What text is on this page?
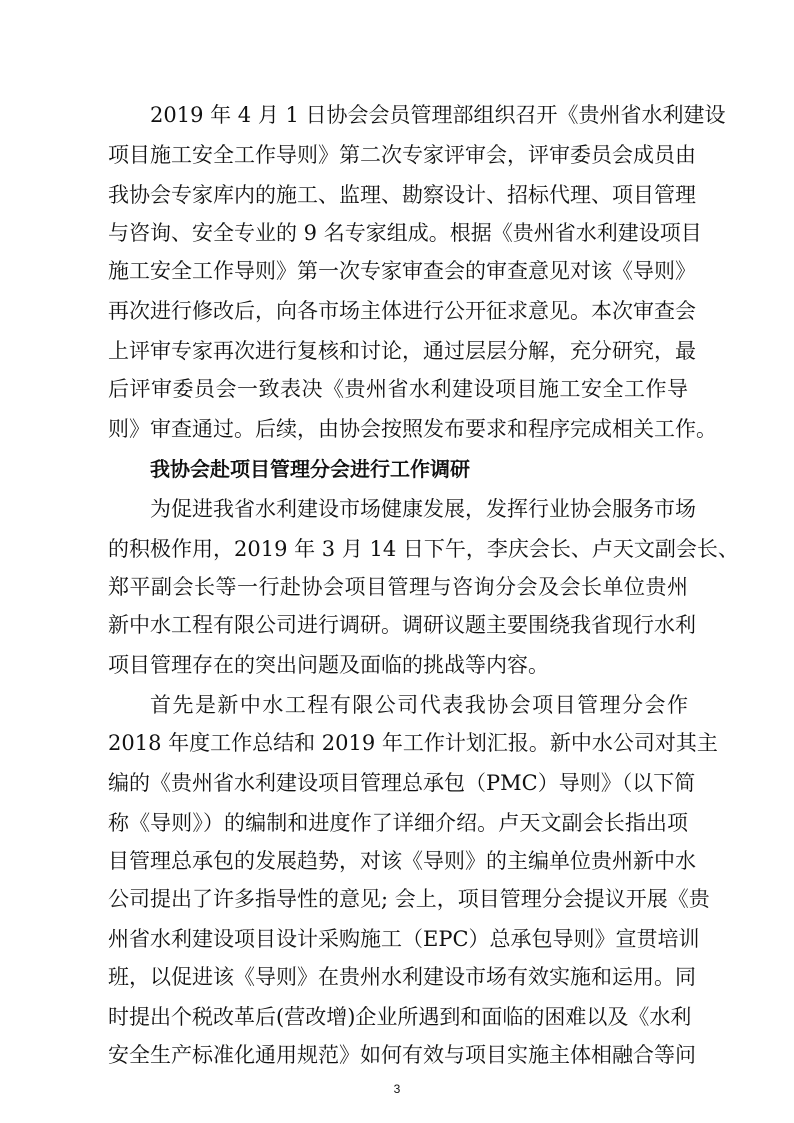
2019 年 4 月 1 日协会会员管理部组织召开《贵州省水利建设
项目施工安全工作导则》第二次专家评审会，评审委员会成员由
我协会专家库内的施工、监理、勘察设计、招标代理、项目管理
与咨询、安全专业的 9 名专家组成。根据《贵州省水利建设项目
施工安全工作导则》第一次专家审查会的审查意见对该《导则》
再次进行修改后，向各市场主体进行公开征求意见。本次审查会
上评审专家再次进行复核和讨论，通过层层分解，充分研究，最
后评审委员会一致表决《贵州省水利建设项目施工安全工作导
则》审查通过。后续，由协会按照发布要求和程序完成相关工作。
我协会赴项目管理分会进行工作调研
为促进我省水利建设市场健康发展，发挥行业协会服务市场
的积极作用，2019 年 3 月 14 日下午，李庆会长、卢天文副会长、
郑平副会长等一行赴协会项目管理与咨询分会及会长单位贵州
新中水工程有限公司进行调研。调研议题主要围绕我省现行水利
项目管理存在的突出问题及面临的挑战等内容。
首先是新中水工程有限公司代表我协会项目管理分会作
2018 年度工作总结和 2019 年工作计划汇报。新中水公司对其主
编的《贵州省水利建设项目管理总承包（PMC）导则》（以下简
称《导则》）的编制和进度作了详细介绍。卢天文副会长指出项
目管理总承包的发展趋势，对该《导则》的主编单位贵州新中水
公司提出了许多指导性的意见; 会上，项目管理分会提议开展《贵
州省水利建设项目设计采购施工（EPC）总承包导则》宣贯培训
班，以促进该《导则》在贵州水利建设市场有效实施和运用。同
时提出个税改革后(营改增)企业所遇到和面临的困难以及《水利
安全生产标准化通用规范》如何有效与项目实施主体相融合等问
3
